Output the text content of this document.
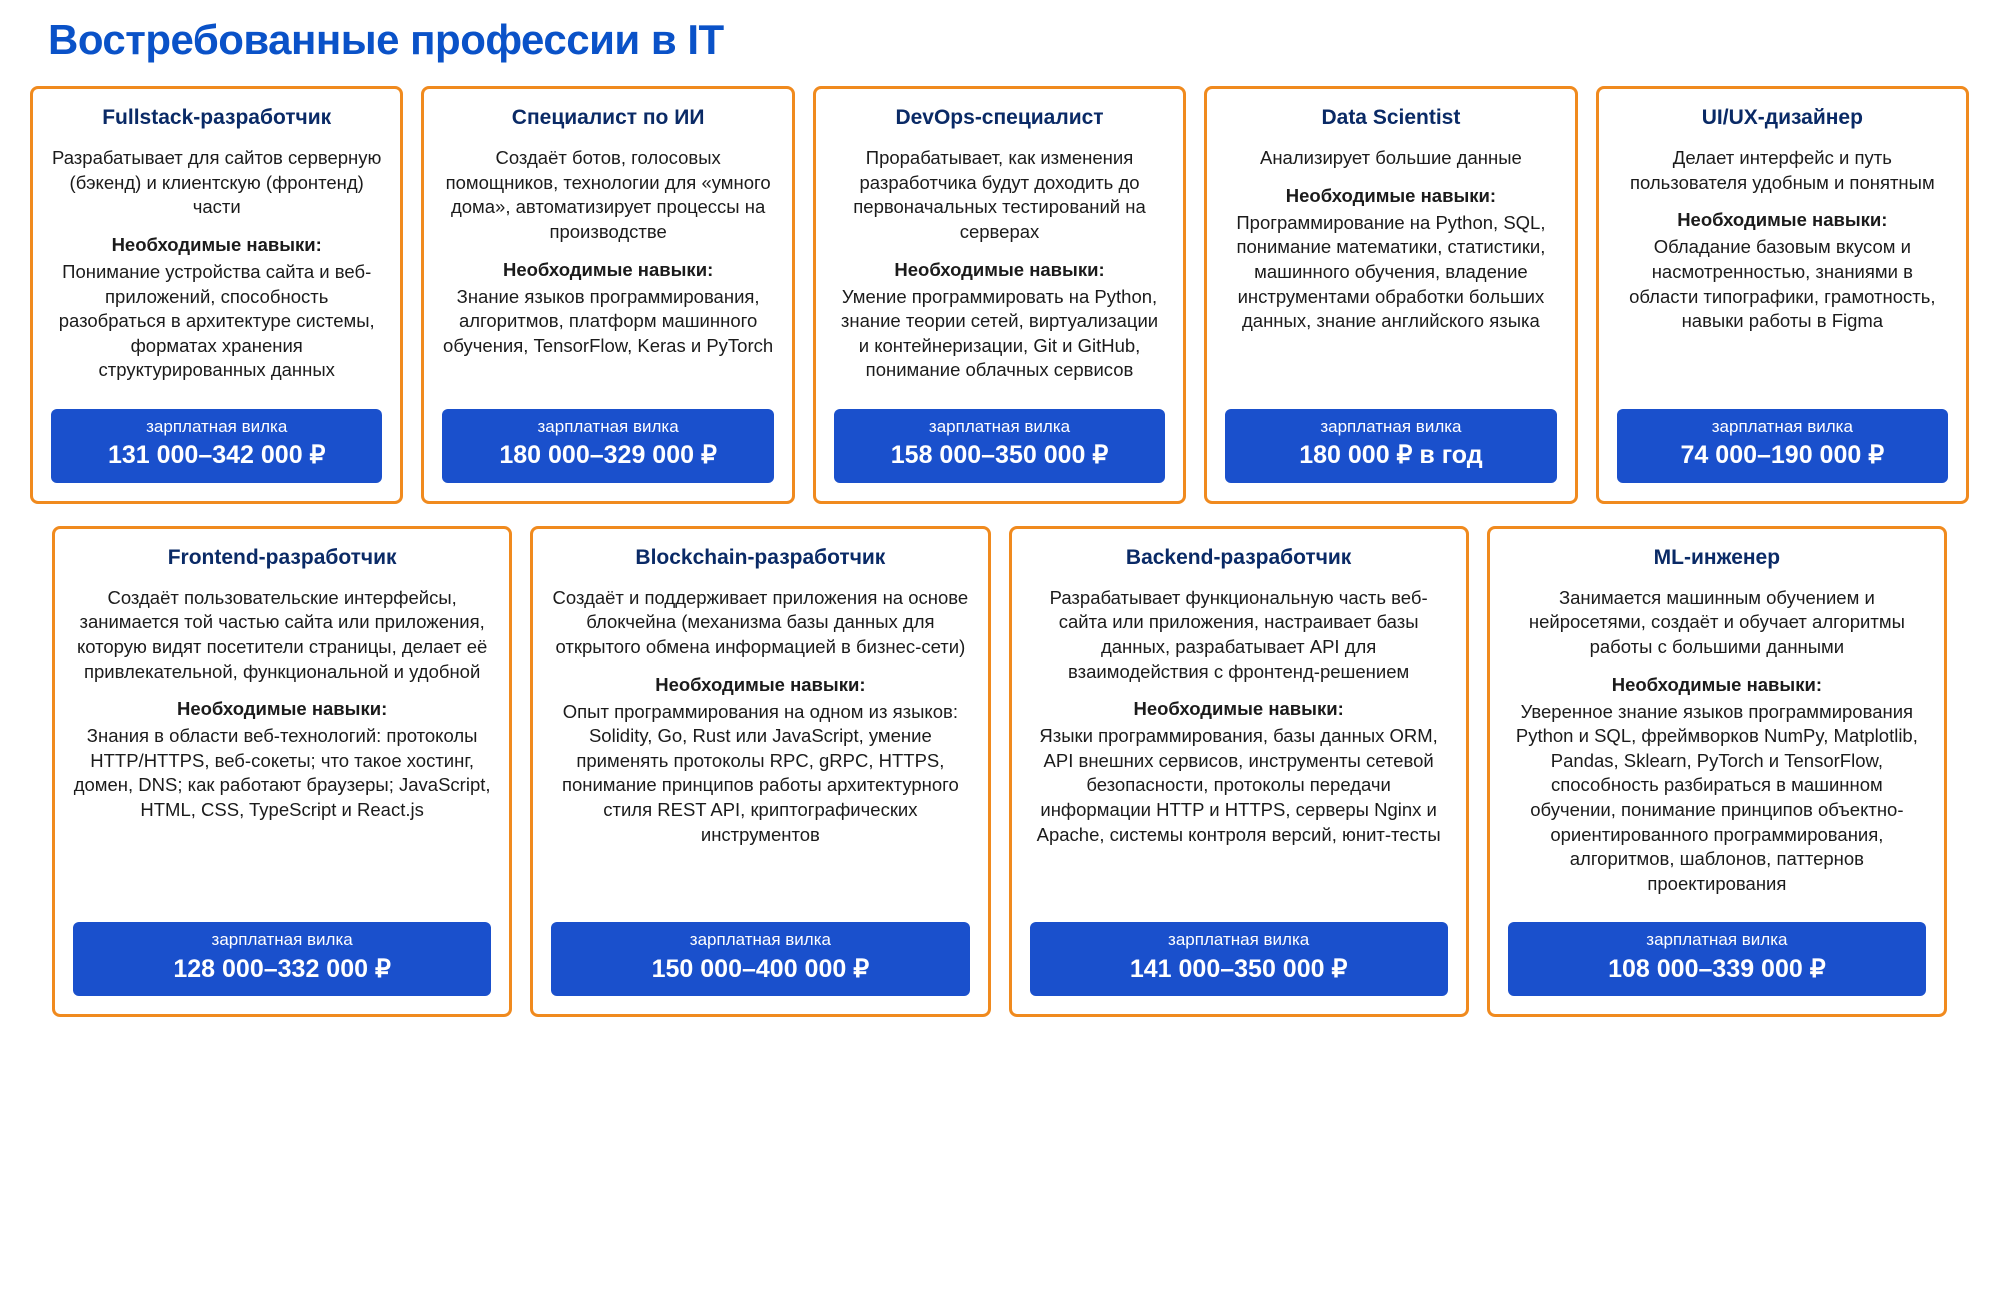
Востребованные профессии в IT
Fullstack-разработчик
Разрабатывает для сайтов серверную (бэкенд) и клиентскую (фронтенд) части
Необходимые навыки:
Понимание устройства сайта и веб-приложений, способность разобраться в архитектуре системы, форматах хранения структурированных данных
зарплатная вилка
131 000–342 000 ₽
Специалист по ИИ
Создаёт ботов, голосовых помощников, технологии для «умного дома», автоматизирует процессы на производстве
Необходимые навыки:
Знание языков программирования, алгоритмов, платформ машинного обучения, TensorFlow, Keras и PyTorch
зарплатная вилка
180 000–329 000 ₽
DevOps-специалист
Прорабатывает, как изменения разработчика будут доходить до первоначальных тестирований на серверах
Необходимые навыки:
Умение программировать на Python, знание теории сетей, виртуализации и контейнеризации, Git и GitHub, понимание облачных сервисов
зарплатная вилка
158 000–350 000 ₽
Data Scientist
Анализирует большие данные
Необходимые навыки:
Программирование на Python, SQL, понимание математики, статистики, машинного обучения, владение инструментами обработки больших данных, знание английского языка
зарплатная вилка
180 000 ₽ в год
UI/UX-дизайнер
Делает интерфейс и путь пользователя удобным и понятным
Необходимые навыки:
Обладание базовым вкусом и насмотренностью, знаниями в области типографики, грамотность, навыки работы в Figma
зарплатная вилка
74 000–190 000 ₽
Frontend-разработчик
Создаёт пользовательские интерфейсы, занимается той частью сайта или приложения, которую видят посетители страницы, делает её привлекательной, функциональной и удобной
Необходимые навыки:
Знания в области веб-технологий: протоколы HTTP/HTTPS, веб-сокеты; что такое хостинг, домен, DNS; как работают браузеры; JavaScript, HTML, CSS, TypeScript и React.js
зарплатная вилка
128 000–332 000 ₽
Blockchain-разработчик
Создаёт и поддерживает приложения на основе блокчейна (механизма базы данных для открытого обмена информацией в бизнес-сети)
Необходимые навыки:
Опыт программирования на одном из языков: Solidity, Go, Rust или JavaScript, умение применять протоколы RPC, gRPC, HTTPS, понимание принципов работы архитектурного стиля REST API, криптографических инструментов
зарплатная вилка
150 000–400 000 ₽
Backend-разработчик
Разрабатывает функциональную часть веб-сайта или приложения, настраивает базы данных, разрабатывает API для взаимодействия с фронтенд-решением
Необходимые навыки:
Языки программирования, базы данных ORM, API внешних сервисов, инструменты сетевой безопасности, протоколы передачи информации HTTP и HTTPS, серверы Nginx и Apache, системы контроля версий, юнит-тесты
зарплатная вилка
141 000–350 000 ₽
ML-инженер
Занимается машинным обучением и нейросетями, создаёт и обучает алгоритмы работы с большими данными
Необходимые навыки:
Уверенное знание языков программирования Python и SQL, фреймворков NumPy, Matplotlib, Pandas, Sklearn, PyTorch и TensorFlow, способность разбираться в машинном обучении, понимание принципов объектно-ориентированного программирования, алгоритмов, шаблонов, паттернов проектирования
зарплатная вилка
108 000–339 000 ₽
